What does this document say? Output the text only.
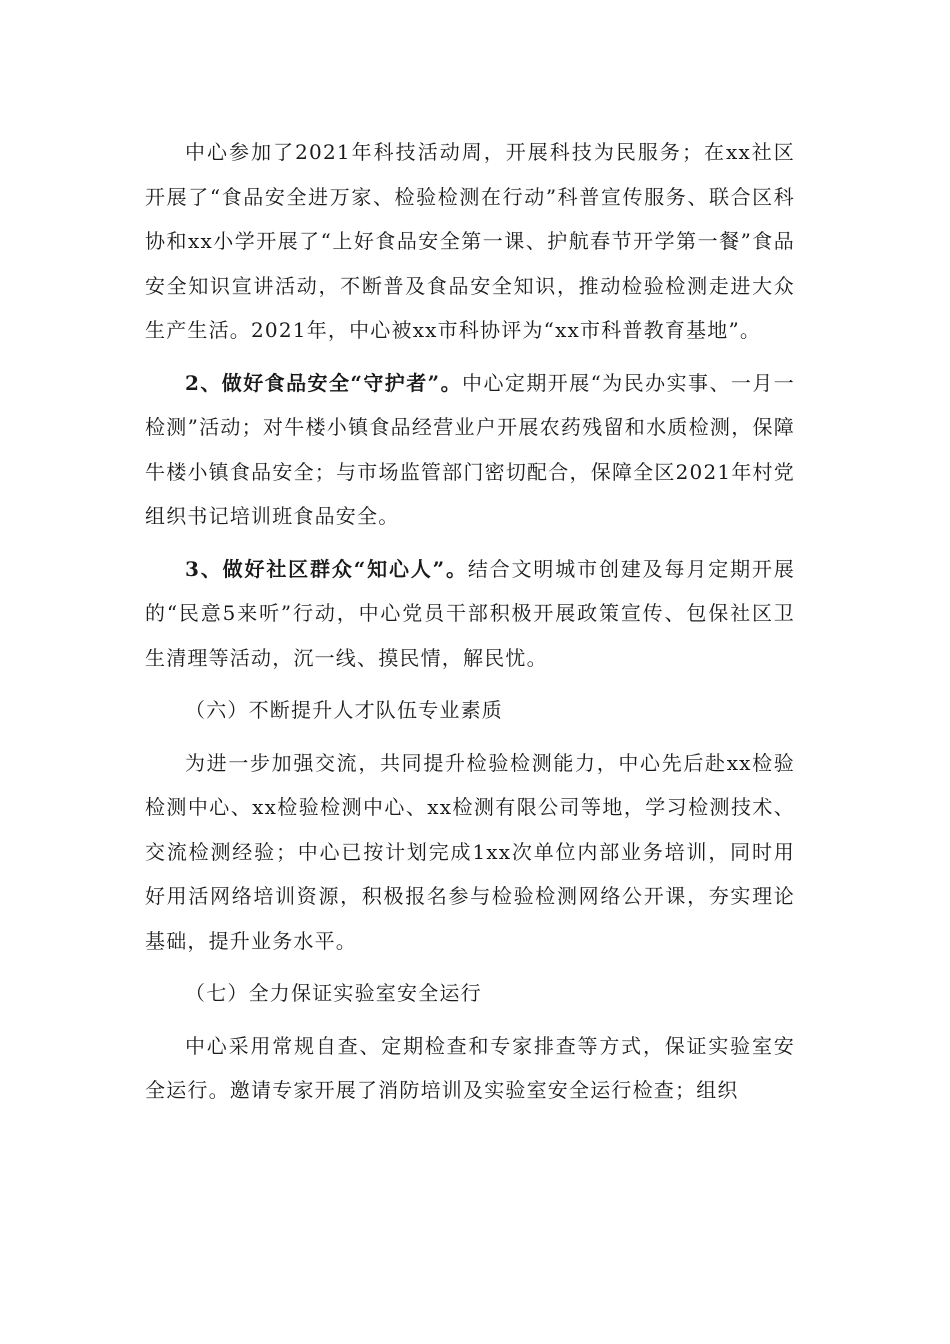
中心参加了2021年科技活动周，开展科技为民服务；在xx社区开展了“食品安全进万家、检验检测在行动”科普宣传服务、联合区科协和xx小学开展了“上好食品安全第一课、护航春节开学第一餐”食品安全知识宣讲活动，不断普及食品安全知识，推动检验检测走进大众生产生活。2021年，中心被xx市科协评为“xx市科普教育基地”。

2、做好食品安全“守护者”。中心定期开展“为民办实事、一月一检测”活动；对牛楼小镇食品经营业户开展农药残留和水质检测，保障牛楼小镇食品安全；与市场监管部门密切配合，保障全区2021年村党组织书记培训班食品安全。

3、做好社区群众“知心人”。结合文明城市创建及每月定期开展的“民意5来听”行动，中心党员干部积极开展政策宣传、包保社区卫生清理等活动，沉一线、摸民情，解民忧。

（六）不断提升人才队伍专业素质

为进一步加强交流，共同提升检验检测能力，中心先后赴xx检验检测中心、xx检验检测中心、xx检测有限公司等地，学习检测技术、交流检测经验；中心已按计划完成1xx次单位内部业务培训，同时用好用活网络培训资源，积极报名参与检验检测网络公开课，夯实理论基础，提升业务水平。

（七）全力保证实验室安全运行

中心采用常规自查、定期检查和专家排查等方式，保证实验室安全运行。邀请专家开展了消防培训及实验室安全运行检查；组织
